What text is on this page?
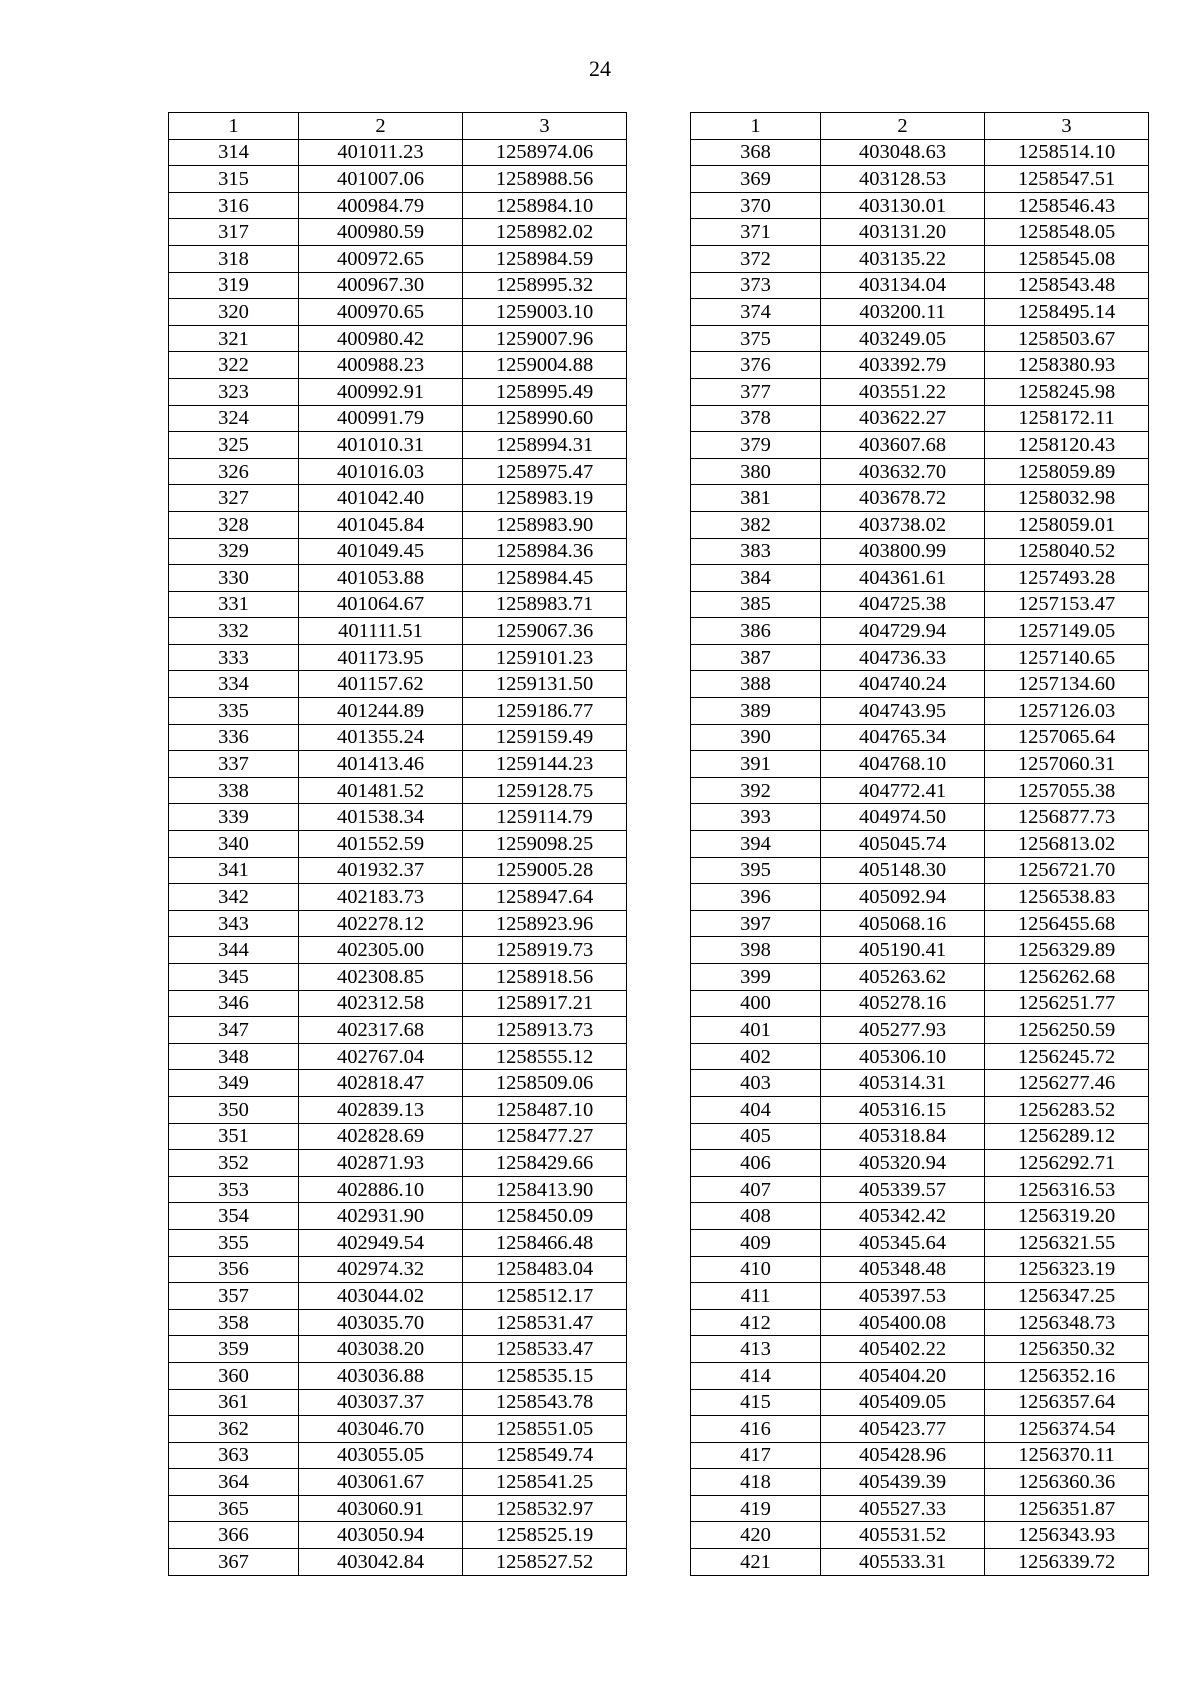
24
1	2	3
314	401011.23	1258974.06
315	401007.06	1258988.56
316	400984.79	1258984.10
317	400980.59	1258982.02
318	400972.65	1258984.59
319	400967.30	1258995.32
320	400970.65	1259003.10
321	400980.42	1259007.96
322	400988.23	1259004.88
323	400992.91	1258995.49
324	400991.79	1258990.60
325	401010.31	1258994.31
326	401016.03	1258975.47
327	401042.40	1258983.19
328	401045.84	1258983.90
329	401049.45	1258984.36
330	401053.88	1258984.45
331	401064.67	1258983.71
332	401111.51	1259067.36
333	401173.95	1259101.23
334	401157.62	1259131.50
335	401244.89	1259186.77
336	401355.24	1259159.49
337	401413.46	1259144.23
338	401481.52	1259128.75
339	401538.34	1259114.79
340	401552.59	1259098.25
341	401932.37	1259005.28
342	402183.73	1258947.64
343	402278.12	1258923.96
344	402305.00	1258919.73
345	402308.85	1258918.56
346	402312.58	1258917.21
347	402317.68	1258913.73
348	402767.04	1258555.12
349	402818.47	1258509.06
350	402839.13	1258487.10
351	402828.69	1258477.27
352	402871.93	1258429.66
353	402886.10	1258413.90
354	402931.90	1258450.09
355	402949.54	1258466.48
356	402974.32	1258483.04
357	403044.02	1258512.17
358	403035.70	1258531.47
359	403038.20	1258533.47
360	403036.88	1258535.15
361	403037.37	1258543.78
362	403046.70	1258551.05
363	403055.05	1258549.74
364	403061.67	1258541.25
365	403060.91	1258532.97
366	403050.94	1258525.19
367	403042.84	1258527.52
1	2	3
368	403048.63	1258514.10
369	403128.53	1258547.51
370	403130.01	1258546.43
371	403131.20	1258548.05
372	403135.22	1258545.08
373	403134.04	1258543.48
374	403200.11	1258495.14
375	403249.05	1258503.67
376	403392.79	1258380.93
377	403551.22	1258245.98
378	403622.27	1258172.11
379	403607.68	1258120.43
380	403632.70	1258059.89
381	403678.72	1258032.98
382	403738.02	1258059.01
383	403800.99	1258040.52
384	404361.61	1257493.28
385	404725.38	1257153.47
386	404729.94	1257149.05
387	404736.33	1257140.65
388	404740.24	1257134.60
389	404743.95	1257126.03
390	404765.34	1257065.64
391	404768.10	1257060.31
392	404772.41	1257055.38
393	404974.50	1256877.73
394	405045.74	1256813.02
395	405148.30	1256721.70
396	405092.94	1256538.83
397	405068.16	1256455.68
398	405190.41	1256329.89
399	405263.62	1256262.68
400	405278.16	1256251.77
401	405277.93	1256250.59
402	405306.10	1256245.72
403	405314.31	1256277.46
404	405316.15	1256283.52
405	405318.84	1256289.12
406	405320.94	1256292.71
407	405339.57	1256316.53
408	405342.42	1256319.20
409	405345.64	1256321.55
410	405348.48	1256323.19
411	405397.53	1256347.25
412	405400.08	1256348.73
413	405402.22	1256350.32
414	405404.20	1256352.16
415	405409.05	1256357.64
416	405423.77	1256374.54
417	405428.96	1256370.11
418	405439.39	1256360.36
419	405527.33	1256351.87
420	405531.52	1256343.93
421	405533.31	1256339.72
